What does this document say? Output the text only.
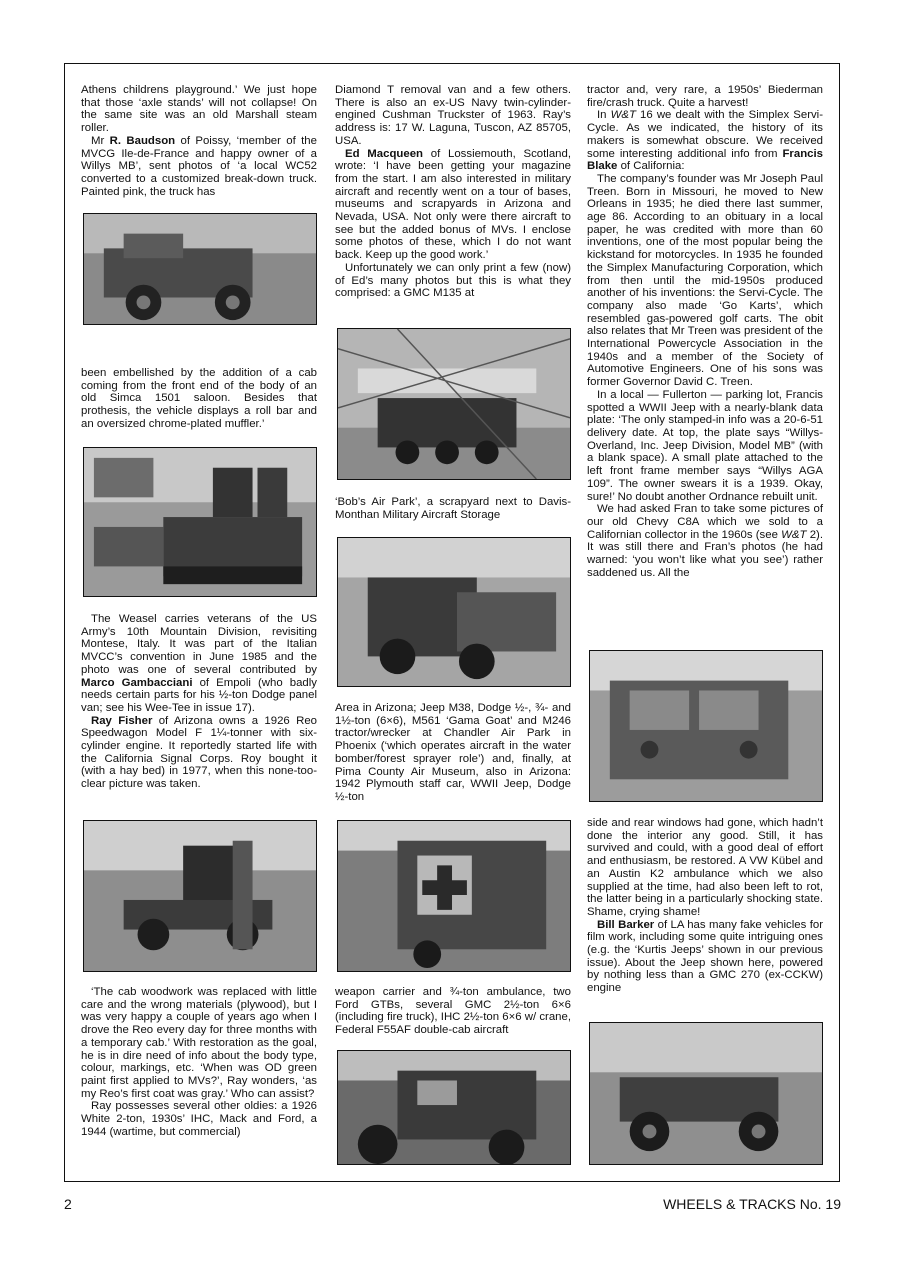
Athens childrens playground.’ We just hope that those ‘axle stands’ will not collapse! On the same site was an old Marshall steam roller.

Mr R. Baudson of Poissy, ‘member of the MVCG Ile-de-France and happy owner of a Willys MB’, sent photos of ‘a local WC52 converted to a customized break-down truck. Painted pink, the truck has

been embellished by the addition of a cab coming from the front end of the body of an old Simca 1501 saloon. Besides that prothesis, the vehicle displays a roll bar and an oversized chrome-plated muffler.’

The Weasel carries veterans of the US Army’s 10th Mountain Division, revisiting Montese, Italy. It was part of the Italian MVCC’s convention in June 1985 and the photo was one of several contributed by Marco Gambacciani of Empoli (who badly needs certain parts for his ½-ton Dodge panel van; see his Wee-Tee in issue 17).

Ray Fisher of Arizona owns a 1926 Reo Speedwagon Model F 1¼-tonner with six-cylinder engine. It reportedly started life with the California Signal Corps. Roy bought it (with a hay bed) in 1977, when this none-too-clear picture was taken.

‘The cab woodwork was replaced with little care and the wrong materials (plywood), but I was very happy a couple of years ago when I drove the Reo every day for three months with a temporary cab.’ With restoration as the goal, he is in dire need of info about the body type, colour, markings, etc. ‘When was OD green paint first applied to MVs?’, Ray wonders, ‘as my Reo’s first coat was gray.’ Who can assist?

Ray possesses several other oldies: a 1926 White 2-ton, 1930s’ IHC, Mack and Ford, a 1944 (wartime, but commercial)

Diamond T removal van and a few others. There is also an ex-US Navy twin-cylinder-engined Cushman Truckster of 1963. Ray’s address is: 17 W. Laguna, Tuscon, AZ 85705, USA.

Ed Macqueen of Lossiemouth, Scotland, wrote: ‘I have been getting your magazine from the start. I am also interested in military aircraft and recently went on a tour of bases, museums and scrapyards in Arizona and Nevada, USA. Not only were there aircraft to see but the added bonus of MVs. I enclose some photos of these, which I do not want back. Keep up the good work.’

Unfortunately we can only print a few (now) of Ed’s many photos but this is what they comprised: a GMC M135 at

‘Bob’s Air Park’, a scrapyard next to Davis-Monthan Military Aircraft Storage

Area in Arizona; Jeep M38, Dodge ½-, ¾- and 1½-ton (6×6), M561 ‘Gama Goat’ and M246 tractor/wrecker at Chandler Air Park in Phoenix (‘which operates aircraft in the water bomber/forest sprayer role’) and, finally, at Pima County Air Museum, also in Arizona: 1942 Plymouth staff car, WWII Jeep, Dodge ½-ton

weapon carrier and ¾-ton ambulance, two Ford GTBs, several GMC 2½-ton 6×6 (including fire truck), IHC 2½-ton 6×6 w/ crane, Federal F55AF double-cab aircraft

tractor and, very rare, a 1950s’ Biederman fire/crash truck. Quite a harvest!

In W&T 16 we dealt with the Simplex Servi-Cycle. As we indicated, the history of its makers is somewhat obscure. We received some interesting additional info from Francis Blake of California:

The company’s founder was Mr Joseph Paul Treen. Born in Missouri, he moved to New Orleans in 1935; he died there last summer, age 86. According to an obituary in a local paper, he was credited with more than 60 inventions, one of the most popular being the kickstand for motorcycles. In 1935 he founded the Simplex Manufacturing Corporation, which from then until the mid-1950s produced another of his inventions: the Servi-Cycle. The company also made ‘Go Karts’, which resembled gas-powered golf carts. The obit also relates that Mr Treen was president of the International Powercycle Association in the 1940s and a member of the Society of Automotive Engineers. One of his sons was former Governor David C. Treen.

In a local — Fullerton — parking lot, Francis spotted a WWII Jeep with a nearly-blank data plate: ‘The only stamped-in info was a 20-6-51 delivery date. At top, the plate says “Willys-Overland, Inc. Jeep Division, Model MB” (with a blank space). A small plate attached to the left front frame member says “Willys AGA 109”. The owner swears it is a 1939. Okay, sure!’ No doubt another Ordnance rebuilt unit.

We had asked Fran to take some pictures of our old Chevy C8A which we sold to a Californian collector in the 1960s (see W&T 2). It was still there and Fran’s photos (he had warned: ‘you won’t like what you see’) rather saddened us. All the

side and rear windows had gone, which hadn’t done the interior any good. Still, it has survived and could, with a good deal of effort and enthusiasm, be restored. A VW Kübel and an Austin K2 ambulance which we also supplied at the time, had also been left to rot, the latter being in a particularly shocking state. Shame, crying shame!

Bill Barker of LA has many fake vehicles for film work, including some quite intriguing ones (e.g. the ‘Kurtis Jeeps’ shown in our previous issue). About the Jeep shown here, powered by nothing less than a GMC 270 (ex-CCKW) engine

2	WHEELS & TRACKS No. 19
